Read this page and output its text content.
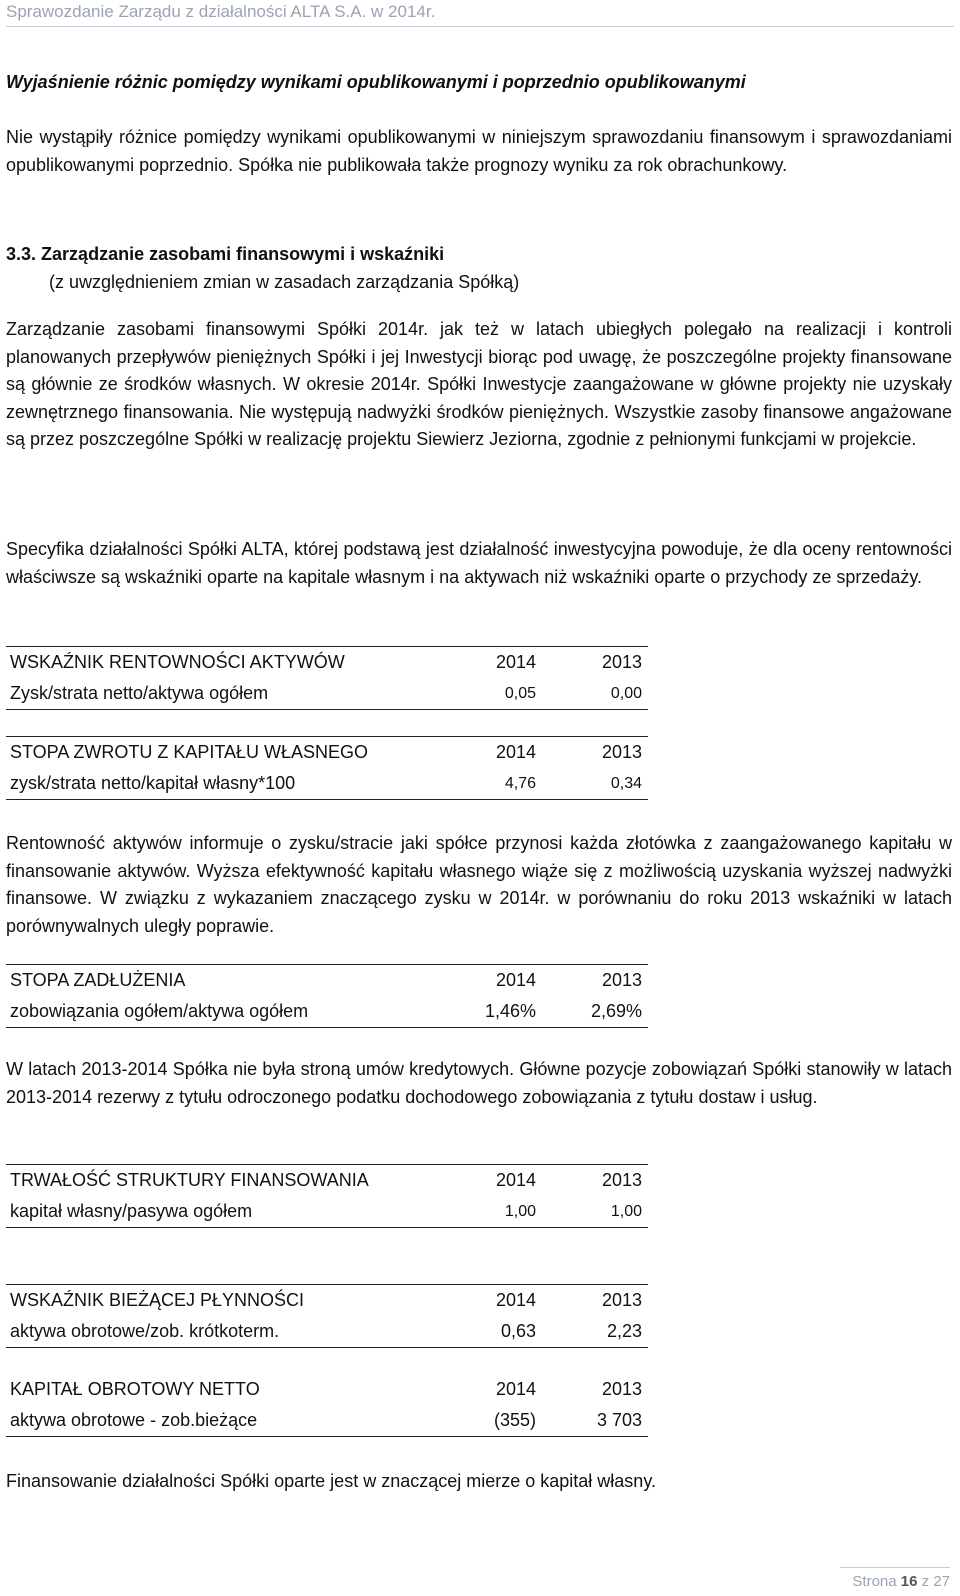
Sprawozdanie Zarządu z działalności ALTA S.A. w 2014r.
Wyjaśnienie różnic pomiędzy wynikami opublikowanymi i poprzednio opublikowanymi
Nie wystąpiły różnice pomiędzy wynikami opublikowanymi w niniejszym sprawozdaniu finansowym i sprawozdaniami opublikowanymi poprzednio. Spółka nie publikowała także prognozy wyniku za rok obrachunkowy.
3.3. Zarządzanie zasobami finansowymi i wskaźniki
(z uwzględnieniem zmian w zasadach zarządzania Spółką)
Zarządzanie zasobami finansowymi Spółki 2014r. jak też w latach ubiegłych polegało na realizacji i kontroli planowanych przepływów pieniężnych Spółki i jej Inwestycji biorąc pod uwagę, że poszczególne projekty finansowane są głównie ze środków własnych. W okresie 2014r. Spółki Inwestycje zaangażowane w główne projekty nie uzyskały zewnętrznego finansowania. Nie występują nadwyżki środków pieniężnych. Wszystkie zasoby finansowe angażowane są przez poszczególne Spółki w realizację projektu Siewierz Jeziorna, zgodnie z pełnionymi funkcjami w projekcie.
Specyfika działalności Spółki ALTA, której podstawą jest działalność inwestycyjna powoduje, że dla oceny rentowności właściwsze są wskaźniki oparte na kapitale własnym i na aktywach niż wskaźniki oparte o przychody ze sprzedaży.
WSKAŹNIK RENTOWNOŚCI AKTYWÓW	2014	2013
Zysk/strata netto/aktywa ogółem	0,05	0,00
STOPA ZWROTU Z KAPITAŁU WŁASNEGO	2014	2013
zysk/strata netto/kapitał własny*100	4,76	0,34
Rentowność aktywów informuje o zysku/stracie jaki spółce przynosi każda złotówka z zaangażowanego kapitału w finansowanie aktywów. Wyższa efektywność kapitału własnego wiąże się z możliwością uzyskania wyższej nadwyżki finansowe. W związku z wykazaniem znaczącego zysku w 2014r. w porównaniu do roku 2013 wskaźniki w latach porównywalnych uległy poprawie.
STOPA ZADŁUŻENIA	2014	2013
zobowiązania ogółem/aktywa ogółem	1,46%	2,69%
W latach 2013-2014 Spółka nie była stroną umów kredytowych. Główne pozycje zobowiązań Spółki stanowiły w latach 2013-2014 rezerwy z tytułu odroczonego podatku dochodowego zobowiązania z tytułu dostaw i usług.
TRWAŁOŚĆ STRUKTURY FINANSOWANIA	2014	2013
kapitał własny/pasywa ogółem	1,00	1,00
WSKAŹNIK BIEŻĄCEJ PŁYNNOŚCI	2014	2013
aktywa obrotowe/zob. krótkoterm.	0,63	2,23
KAPITAŁ OBROTOWY NETTO	2014	2013
aktywa obrotowe - zob.bieżące	(355)	3 703
Finansowanie działalności Spółki oparte jest w znaczącej mierze o kapitał własny.
Strona 16 z 27
